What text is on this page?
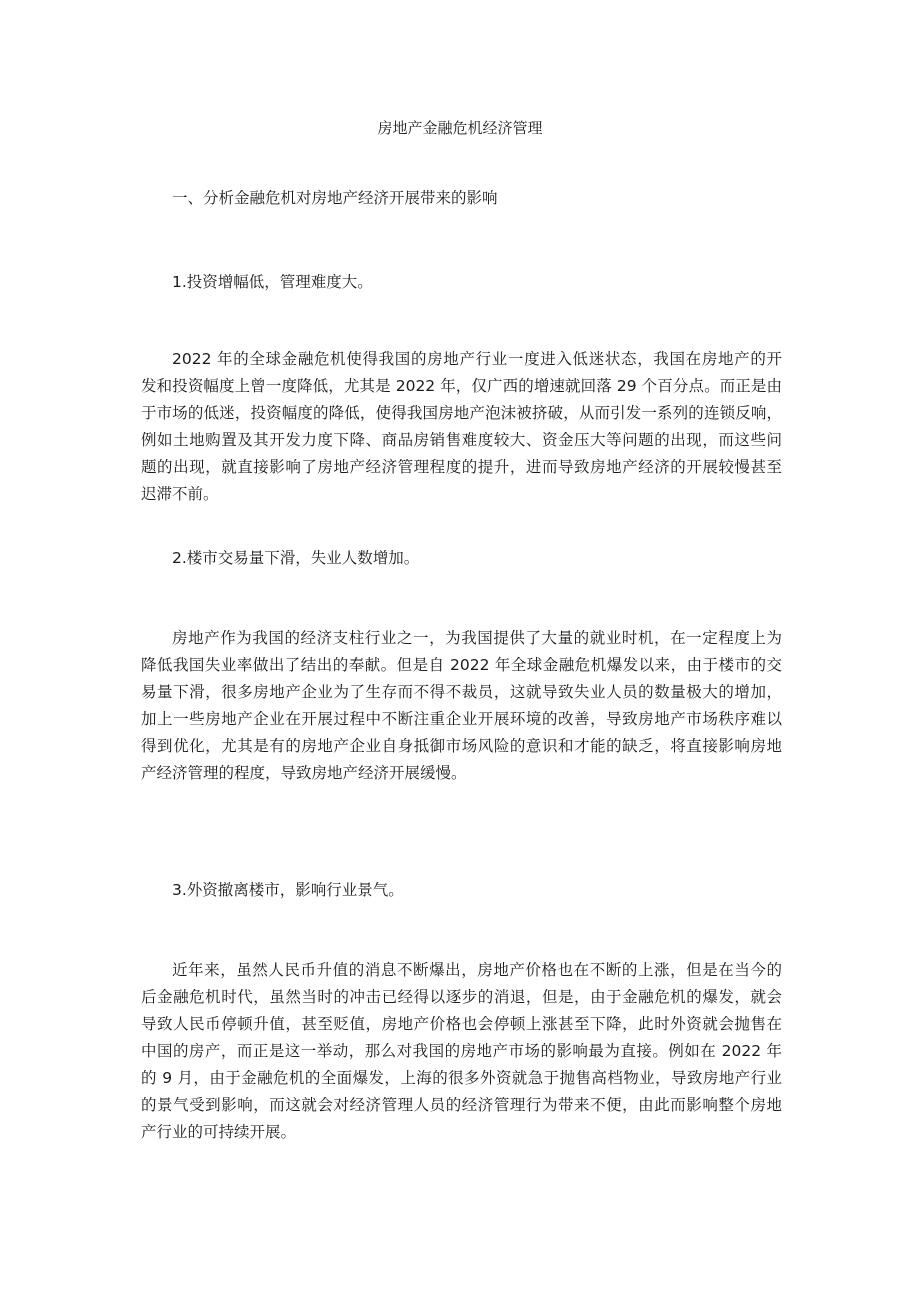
房地产金融危机经济管理
一、分析金融危机对房地产经济开展带来的影响
1.投资增幅低，管理难度大。
2022 年的全球金融危机使得我国的房地产行业一度进入低迷状态，我国在房地产的开
发和投资幅度上曾一度降低，尤其是 2022 年，仅广西的增速就回落 29 个百分点。而正是由
于市场的低迷，投资幅度的降低，使得我国房地产泡沫被挤破，从而引发一系列的连锁反响，
例如土地购置及其开发力度下降、商品房销售难度较大、资金压大等问题的出现，而这些问
题的出现，就直接影响了房地产经济管理程度的提升，进而导致房地产经济的开展较慢甚至
迟滞不前。
2.楼市交易量下滑，失业人数增加。
房地产作为我国的经济支柱行业之一，为我国提供了大量的就业时机，在一定程度上为
降低我国失业率做出了结出的奉献。但是自 2022 年全球金融危机爆发以来，由于楼市的交
易量下滑，很多房地产企业为了生存而不得不裁员，这就导致失业人员的数量极大的增加，
加上一些房地产企业在开展过程中不断注重企业开展环境的改善，导致房地产市场秩序难以
得到优化，尤其是有的房地产企业自身抵御市场风险的意识和才能的缺乏，将直接影响房地
产经济管理的程度，导致房地产经济开展缓慢。
3.外资撤离楼市，影响行业景气。
近年来，虽然人民币升值的消息不断爆出，房地产价格也在不断的上涨，但是在当今的
后金融危机时代，虽然当时的冲击已经得以逐步的消退，但是，由于金融危机的爆发，就会
导致人民币停顿升值，甚至贬值，房地产价格也会停顿上涨甚至下降，此时外资就会抛售在
中国的房产，而正是这一举动，那么对我国的房地产市场的影响最为直接。例如在 2022 年
的 9 月，由于金融危机的全面爆发，上海的很多外资就急于抛售高档物业，导致房地产行业
的景气受到影响，而这就会对经济管理人员的经济管理行为带来不便，由此而影响整个房地
产行业的可持续开展。
